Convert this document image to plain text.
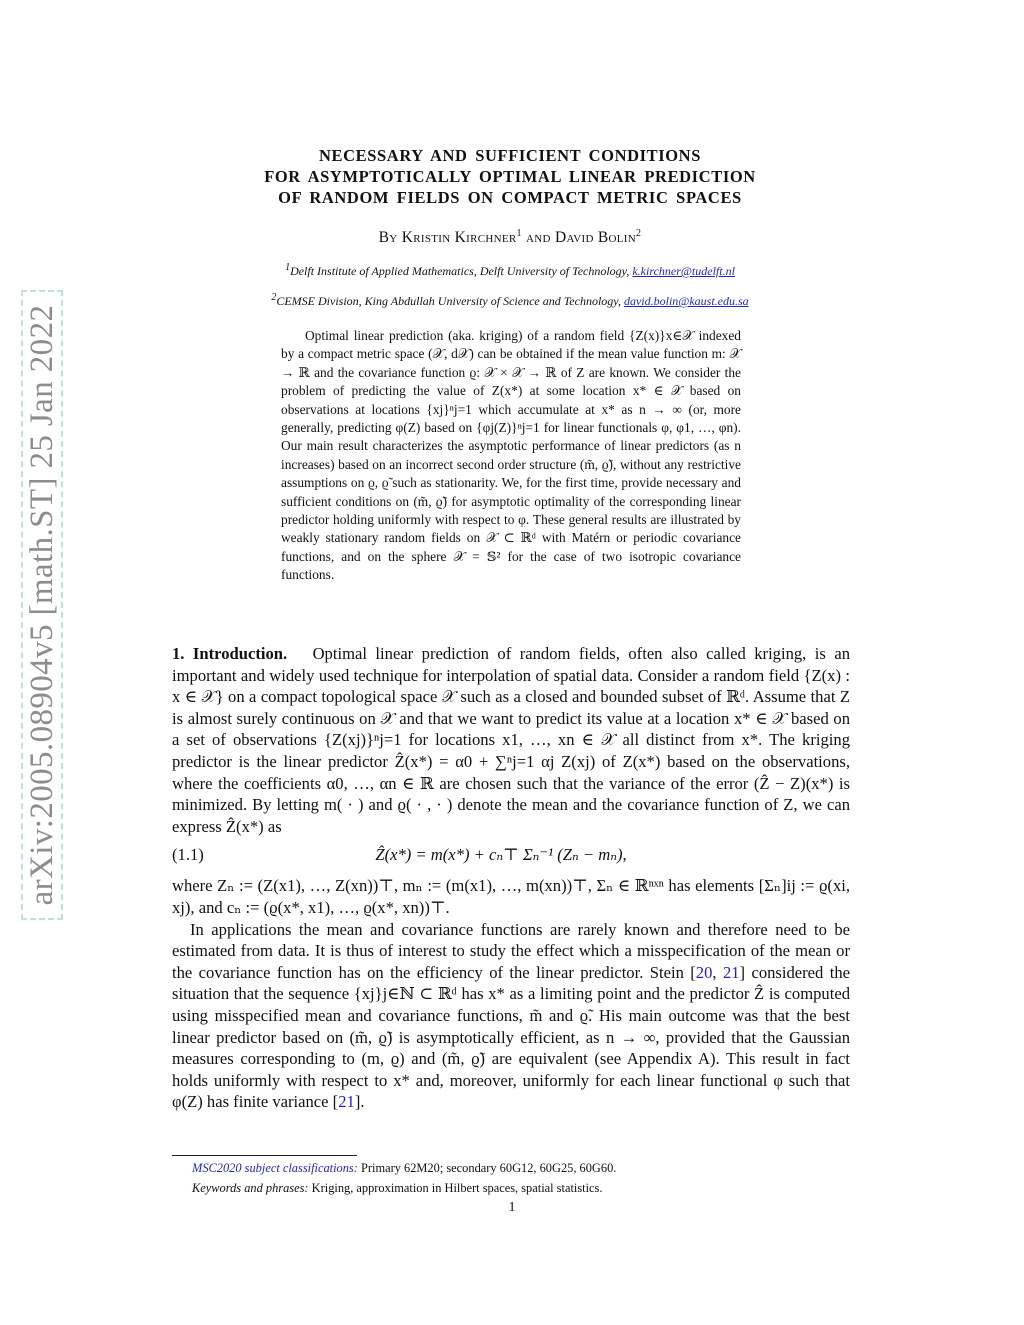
arXiv:2005.08904v5 [math.ST] 25 Jan 2022
NECESSARY AND SUFFICIENT CONDITIONS
FOR ASYMPTOTICALLY OPTIMAL LINEAR PREDICTION
OF RANDOM FIELDS ON COMPACT METRIC SPACES
By Kristin Kirchner$^1$ and David Bolin$^2$
$^1$Delft Institute of Applied Mathematics, Delft University of Technology, k.kirchner@tudelft.nl
$^2$CEMSE Division, King Abdullah University of Science and Technology, david.bolin@kaust.edu.sa

Optimal linear prediction (aka. kriging) of a random field {Z(x)}x∈𝒳 indexed by a compact metric space (𝒳, d𝒳) can be obtained if the mean value function m: 𝒳 → ℝ and the covariance function ϱ: 𝒳 × 𝒳 → ℝ of Z are known. We consider the problem of predicting the value of Z(x*) at some location x* ∈ 𝒳 based on observations at locations {xj}ⁿj=1 which accumulate at x* as n → ∞ (or, more generally, predicting φ(Z) based on {φj(Z)}ⁿj=1 for linear functionals φ, φ1, …, φn). Our main result characterizes the asymptotic performance of linear predictors (as n increases) based on an incorrect second order structure (m̃, ϱ̃), without any restrictive assumptions on ϱ, ϱ̃ such as stationarity. We, for the first time, provide necessary and sufficient conditions on (m̃, ϱ̃) for asymptotic optimality of the corresponding linear predictor holding uniformly with respect to φ. These general results are illustrated by weakly stationary random fields on 𝒳 ⊂ ℝᵈ with Matérn or periodic covariance functions, and on the sphere 𝒳 = 𝕊² for the case of two isotropic covariance functions.

1. Introduction. Optimal linear prediction of random fields, often also called kriging, is an important and widely used technique for interpolation of spatial data. Consider a random field {Z(x) : x ∈ 𝒳} on a compact topological space 𝒳 such as a closed and bounded subset of ℝᵈ. Assume that Z is almost surely continuous on 𝒳 and that we want to predict its value at a location x* ∈ 𝒳 based on a set of observations {Z(xj)}ⁿj=1 for locations x1, …, xn ∈ 𝒳 all distinct from x*. The kriging predictor is the linear predictor Ẑ(x*) = α0 + ∑ⁿj=1 αj Z(xj) of Z(x*) based on the observations, where the coefficients α0, …, αn ∈ ℝ are chosen such that the variance of the error (Ẑ − Z)(x*) is minimized. By letting m( · ) and ϱ( · , · ) denote the mean and the covariance function of Z, we can express Ẑ(x*) as

(1.1)	Ẑ(x*) = m(x*) + cₙ⊤ Σₙ⁻¹ (Zₙ − mₙ),

where Zₙ := (Z(x1), …, Z(xn))⊤, mₙ := (m(x1), …, m(xn))⊤, Σₙ ∈ ℝⁿˣⁿ has elements [Σₙ]ij := ϱ(xi, xj), and cₙ := (ϱ(x*, x1), …, ϱ(x*, xn))⊤.

In applications the mean and covariance functions are rarely known and therefore need to be estimated from data. It is thus of interest to study the effect which a misspecification of the mean or the covariance function has on the efficiency of the linear predictor. Stein [20, 21] considered the situation that the sequence {xj}j∈ℕ ⊂ ℝᵈ has x* as a limiting point and the predictor Ẑ is computed using misspecified mean and covariance functions, m̃ and ϱ̃. His main outcome was that the best linear predictor based on (m̃, ϱ̃) is asymptotically efficient, as n → ∞, provided that the Gaussian measures corresponding to (m, ϱ) and (m̃, ϱ̃) are equivalent (see Appendix A). This result in fact holds uniformly with respect to x* and, moreover, uniformly for each linear functional φ such that φ(Z) has finite variance [21].

MSC2020 subject classifications: Primary 62M20; secondary 60G12, 60G25, 60G60.
Keywords and phrases: Kriging, approximation in Hilbert spaces, spatial statistics.
1
